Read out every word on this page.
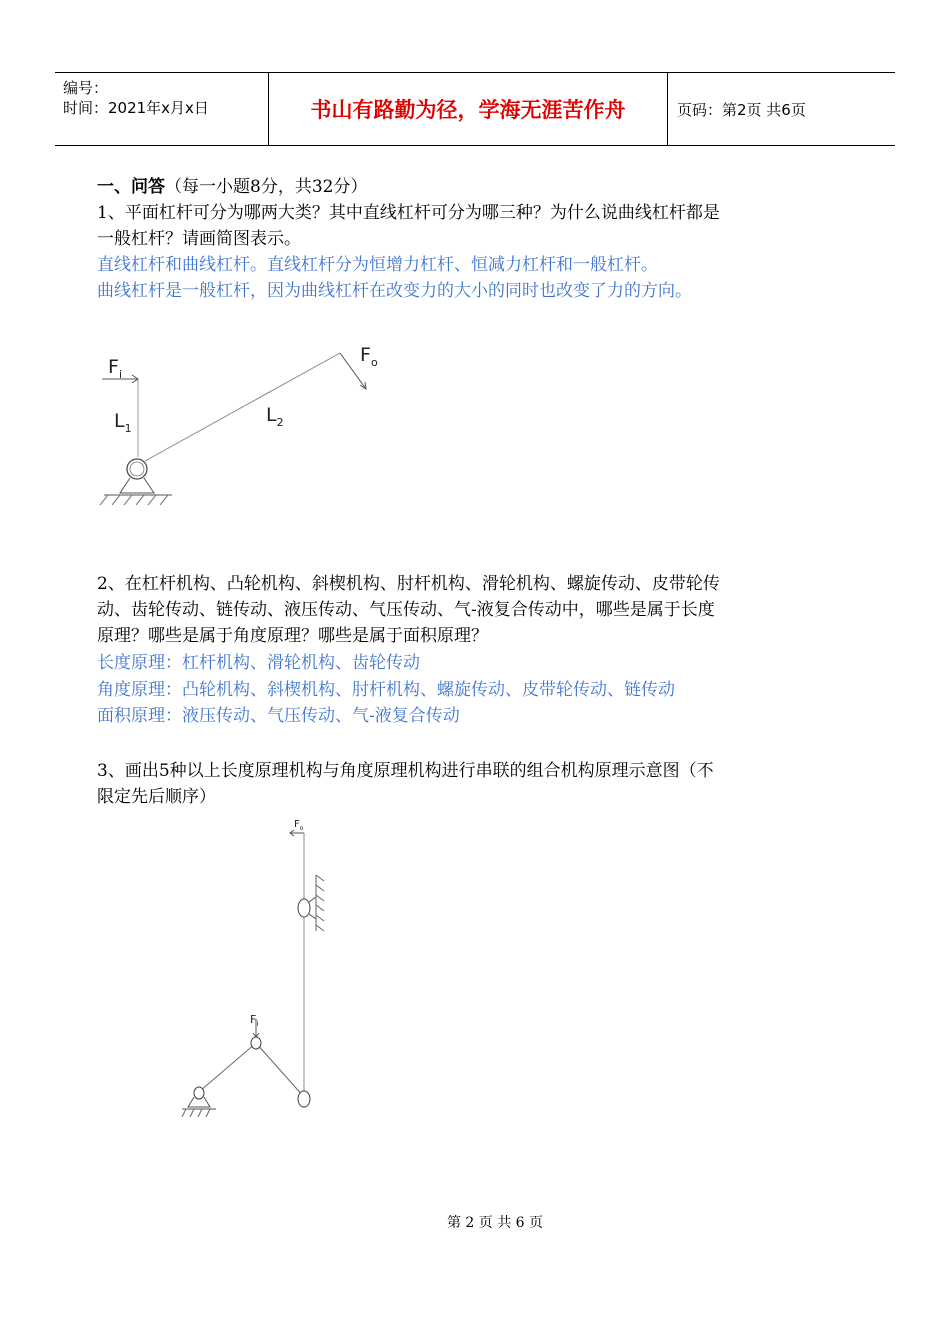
编号：
时间：2021年x月x日	书山有路勤为径，学海无涯苦作舟	页码：第2页 共6页
一、问答（每一小题8分，共32分）
1、平面杠杆可分为哪两大类？其中直线杠杆可分为哪三种？为什么说曲线杠杆都是
一般杠杆？请画简图表示。
直线杠杆和曲线杠杆。直线杠杆分为恒增力杠杆、恒减力杠杆和一般杠杆。
曲线杠杆是一般杠杆，因为曲线杠杆在改变力的大小的同时也改变了力的方向。
$F_i$
$F_o$
$L_1$
$L_2$
2、在杠杆机构、凸轮机构、斜楔机构、肘杆机构、滑轮机构、螺旋传动、皮带轮传
动、齿轮传动、链传动、液压传动、气压传动、气-液复合传动中，哪些是属于长度
原理？哪些是属于角度原理？哪些是属于面积原理？
长度原理：杠杆机构、滑轮机构、齿轮传动
角度原理：凸轮机构、斜楔机构、肘杆机构、螺旋传动、皮带轮传动、链传动
面积原理：液压传动、气压传动、气-液复合传动
3、画出5种以上长度原理机构与角度原理机构进行串联的组合机构原理示意图（不
限定先后顺序）
$F_o$
$F_i$
第 2 页 共 6 页
